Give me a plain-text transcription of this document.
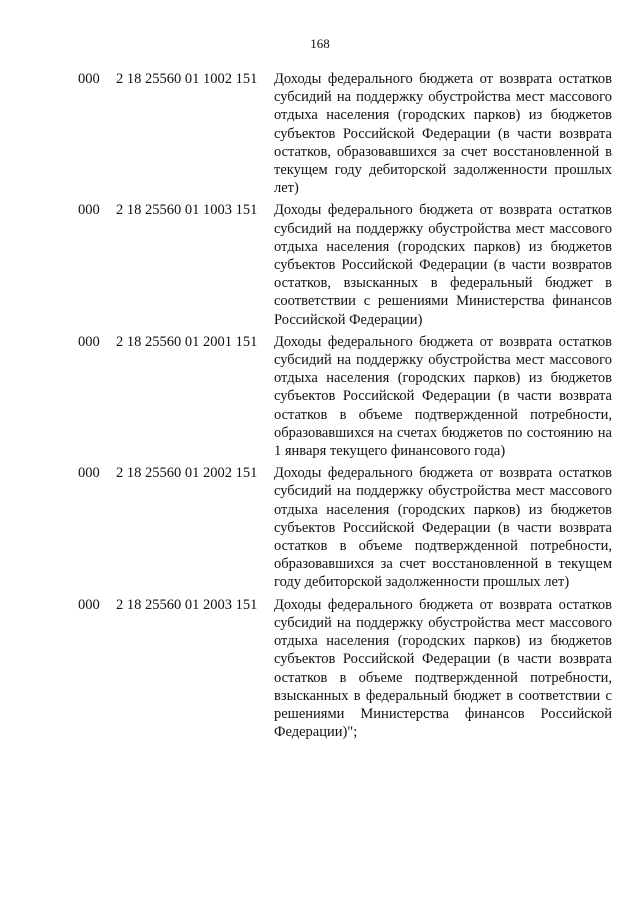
168
000	2 18 25560 01 1002 151	Доходы федерального бюджета от возврата остатков субсидий на поддержку обустройства мест массового отдыха населения (городских парков) из бюджетов субъектов Российской Федерации (в части возврата остатков, образовавшихся за счет восстановленной в текущем году дебиторской задолженности прошлых лет)
000	2 18 25560 01 1003 151	Доходы федерального бюджета от возврата остатков субсидий на поддержку обустройства мест массового отдыха населения (городских парков) из бюджетов субъектов Российской Федерации (в части возвратов остатков, взысканных в федеральный бюджет в соответствии с решениями Министерства финансов Российской Федерации)
000	2 18 25560 01 2001 151	Доходы федерального бюджета от возврата остатков субсидий на поддержку обустройства мест массового отдыха населения (городских парков) из бюджетов субъектов Российской Федерации (в части возврата остатков в объеме подтвержденной потребности, образовавшихся на счетах бюджетов по состоянию на 1 января текущего финансового года)
000	2 18 25560 01 2002 151	Доходы федерального бюджета от возврата остатков субсидий на поддержку обустройства мест массового отдыха населения (городских парков) из бюджетов субъектов Российской Федерации (в части возврата остатков в объеме подтвержденной потребности, образовавшихся за счет восстановленной в текущем году дебиторской задолженности прошлых лет)
000	2 18 25560 01 2003 151	Доходы федерального бюджета от возврата остатков субсидий на поддержку обустройства мест массового отдыха населения (городских парков) из бюджетов субъектов Российской Федерации (в части возврата остатков в объеме подтвержденной потребности, взысканных в федеральный бюджет в соответствии с решениями Министерства финансов Российской Федерации)";
